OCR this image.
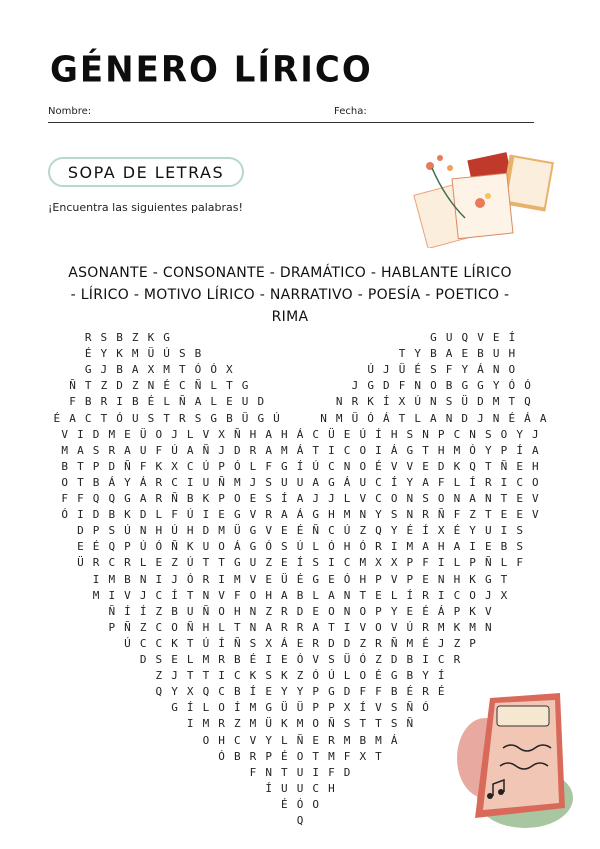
GÉNERO LÍRICO
Nombre:	Fecha:
SOPA DE LETRAS
¡Encuentra las siguientes palabras!
ASONANTE - CONSONANTE - DRAMÁTICO - HABLANTE LÍRICO
- LÍRICO - MOTIVO LÍRICO - NARRATIVO - POESÍA - POETICO -
RIMA
R S B Z K G	G U Q V E Í
É Y K M Ü Ú S B	T Y B A E B U H
G J B A X M T Ó Ó X	Ú J Ü É S F Y Á N O
Ñ T Z D Z N É C Ñ L T G	J G D F N O B G G Y Ó Ó
F B R I B É L Ñ A L E U D	N R K Í X Ú N S Ü D M T Q
É A C T Ó U S T R S G B Ü G Ú	N M Ü Ó Á T L A N D J N É Á A
V I D M E Ü O J L V X Ñ H A H Á C Ü E Ú Í H S N P C N S O Y J
M A S R A U F Ú A Ñ J D R A M Á T I C O I Á G T H M Ó Y P Í A
B T P D Ñ F K X C Ú P Ó L F G Í Ú C N O É V V E D K Q T Ñ E H
O T B Á Y Á R C I U Ñ M J S U U A G Á U C Í Y A F L Í R I C O
F F Q Q G A R Ñ B K P O E S Í A J J L V C O N S O N A N T E V
Ó I D B K D L F Ú I E G V R A Á G H M N Y S N R Ñ F Z T E E V
D P S Ú N H Ú H D M Ü G V E É Ñ C Ú Z Q Y É Í X É Y U I S
E É Q P Ú Ó Ñ K U O Á G Ó S Ú L Ó H Ó R I M A H A I E B S
Ü R C R L E Z Ú T T G U Z E Í S I C M X X P F I L P Ñ L F
I M B N I J Ó R I M V E Ü É G E Ó H P V P E N H K G T
M I V J C Í T N V F O H A B L A N T E L Í R I C O J X
Ñ Í Í Z B U Ñ O H N Z R D E O N O P Y E É Á P K V
P Ñ Z C O Ñ H L T N A R R A T I V O V Ú R M K M N
Ú C C K T Ú Í Ñ S X Á E R D D Z R Ñ M É J Z P
D S E L M R B É I E Ó V S Ü Ó Z D B I C R
Z J T T I C K S K Z Ó Ú L O É G B Y Í
Q Y X Q C B Í E Y Y P G D F F B É R É
G Í L O Í M G Ü Ü P P X Í V S Ñ Ó
I M R Z M Ü K M O Ñ S T T S Ñ
O H C V Y L Ñ E R M B M Á
Ó B R P É O T M F X T
F N T U I F D
Í U U C H
É Ó O
Q
